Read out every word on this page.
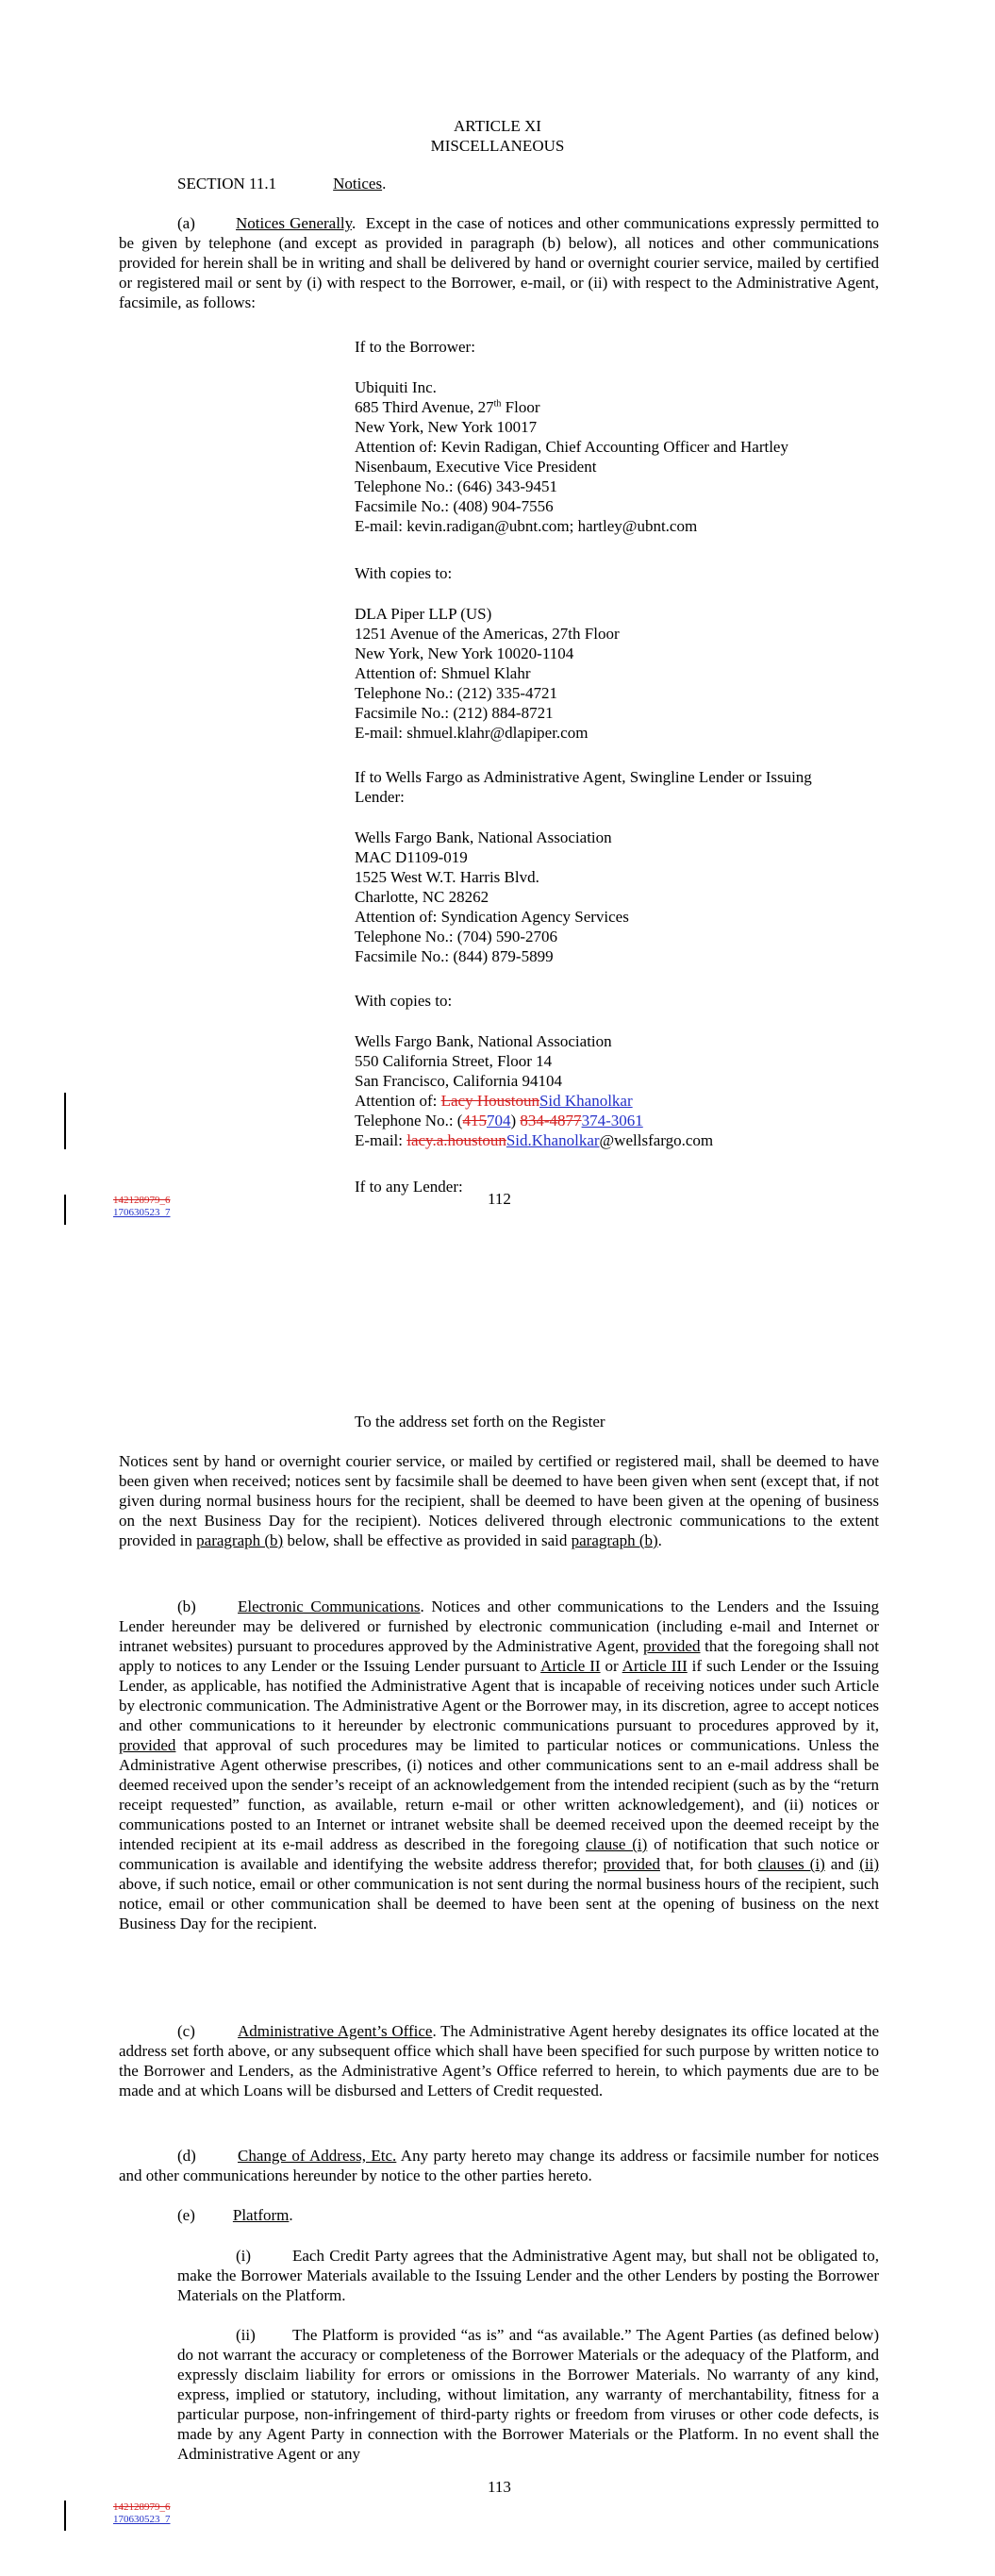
ARTICLE XI
MISCELLANEOUS
SECTION 11.1	Notices.
(a)	Notices Generally.  Except in the case of notices and other communications expressly permitted to be given by telephone (and except as provided in paragraph (b) below), all notices and other communications provided for herein shall be in writing and shall be delivered by hand or overnight courier service, mailed by certified or registered mail or sent by (i) with respect to the Borrower, e-mail, or (ii) with respect to the Administrative Agent, facsimile, as follows:
If to the Borrower:
Ubiquiti Inc.
685 Third Avenue, 27th Floor
New York, New York 10017
Attention of: Kevin Radigan, Chief Accounting Officer and Hartley
Nisenbaum, Executive Vice President
Telephone No.: (646) 343-9451
Facsimile No.: (408) 904-7556
E-mail: kevin.radigan@ubnt.com; hartley@ubnt.com
With copies to:
DLA Piper LLP (US)
1251 Avenue of the Americas, 27th Floor
New York, New York 10020-1104
Attention of: Shmuel Klahr
Telephone No.: (212) 335-4721
Facsimile No.: (212) 884-8721
E-mail: shmuel.klahr@dlapiper.com
If to Wells Fargo as Administrative Agent, Swingline Lender or Issuing
Lender:
Wells Fargo Bank, National Association
MAC D1109-019
1525 West W.T. Harris Blvd.
Charlotte, NC 28262
Attention of: Syndication Agency Services
Telephone No.: (704) 590-2706
Facsimile No.: (844) 879-5899
With copies to:
Wells Fargo Bank, National Association
550 California Street, Floor 14
San Francisco, California 94104
Attention of: Lacy HoustounSid Khanolkar
Telephone No.: (415704) 834-4877374-3061
E-mail: lacy.a.houstounSid.Khanolkar@wellsfargo.com
If to any Lender:
112
142128979_6
170630523_7
To the address set forth on the Register
Notices sent by hand or overnight courier service, or mailed by certified or registered mail, shall be deemed to have been given when received; notices sent by facsimile shall be deemed to have been given when sent (except that, if not given during normal business hours for the recipient, shall be deemed to have been given at the opening of business on the next Business Day for the recipient). Notices delivered through electronic communications to the extent provided in paragraph (b) below, shall be effective as provided in said paragraph (b).
(b)	Electronic Communications. Notices and other communications to the Lenders and the Issuing Lender hereunder may be delivered or furnished by electronic communication (including e-mail and Internet or intranet websites) pursuant to procedures approved by the Administrative Agent, provided that the foregoing shall not apply to notices to any Lender or the Issuing Lender pursuant to Article II or Article III if such Lender or the Issuing Lender, as applicable, has notified the Administrative Agent that is incapable of receiving notices under such Article by electronic communication. The Administrative Agent or the Borrower may, in its discretion, agree to accept notices and other communications to it hereunder by electronic communications pursuant to procedures approved by it, provided that approval of such procedures may be limited to particular notices or communications. Unless the Administrative Agent otherwise prescribes, (i) notices and other communications sent to an e-mail address shall be deemed received upon the sender’s receipt of an acknowledgement from the intended recipient (such as by the “return receipt requested” function, as available, return e-mail or other written acknowledgement), and (ii) notices or communications posted to an Internet or intranet website shall be deemed received upon the deemed receipt by the intended recipient at its e-mail address as described in the foregoing clause (i) of notification that such notice or communication is available and identifying the website address therefor; provided that, for both clauses (i) and (ii) above, if such notice, email or other communication is not sent during the normal business hours of the recipient, such notice, email or other communication shall be deemed to have been sent at the opening of business on the next Business Day for the recipient.
(c)	Administrative Agent’s Office. The Administrative Agent hereby designates its office located at the address set forth above, or any subsequent office which shall have been specified for such purpose by written notice to the Borrower and Lenders, as the Administrative Agent’s Office referred to herein, to which payments due are to be made and at which Loans will be disbursed and Letters of Credit requested.
(d)	Change of Address, Etc. Any party hereto may change its address or facsimile number for notices and other communications hereunder by notice to the other parties hereto.
(e) Platform.
(i)	Each Credit Party agrees that the Administrative Agent may, but shall not be obligated to, make the Borrower Materials available to the Issuing Lender and the other Lenders by posting the Borrower Materials on the Platform.
(ii) The Platform is provided “as is” and “as available.” The Agent Parties (as defined below) do not warrant the accuracy or completeness of the Borrower Materials or the adequacy of the Platform, and expressly disclaim liability for errors or omissions in the Borrower Materials. No warranty of any kind, express, implied or statutory, including, without limitation, any warranty of merchantability, fitness for a particular purpose, non-infringement of third-party rights or freedom from viruses or other code defects, is made by any Agent Party in connection with the Borrower Materials or the Platform. In no event shall the Administrative Agent or any
113
142128979_6
170630523_7
